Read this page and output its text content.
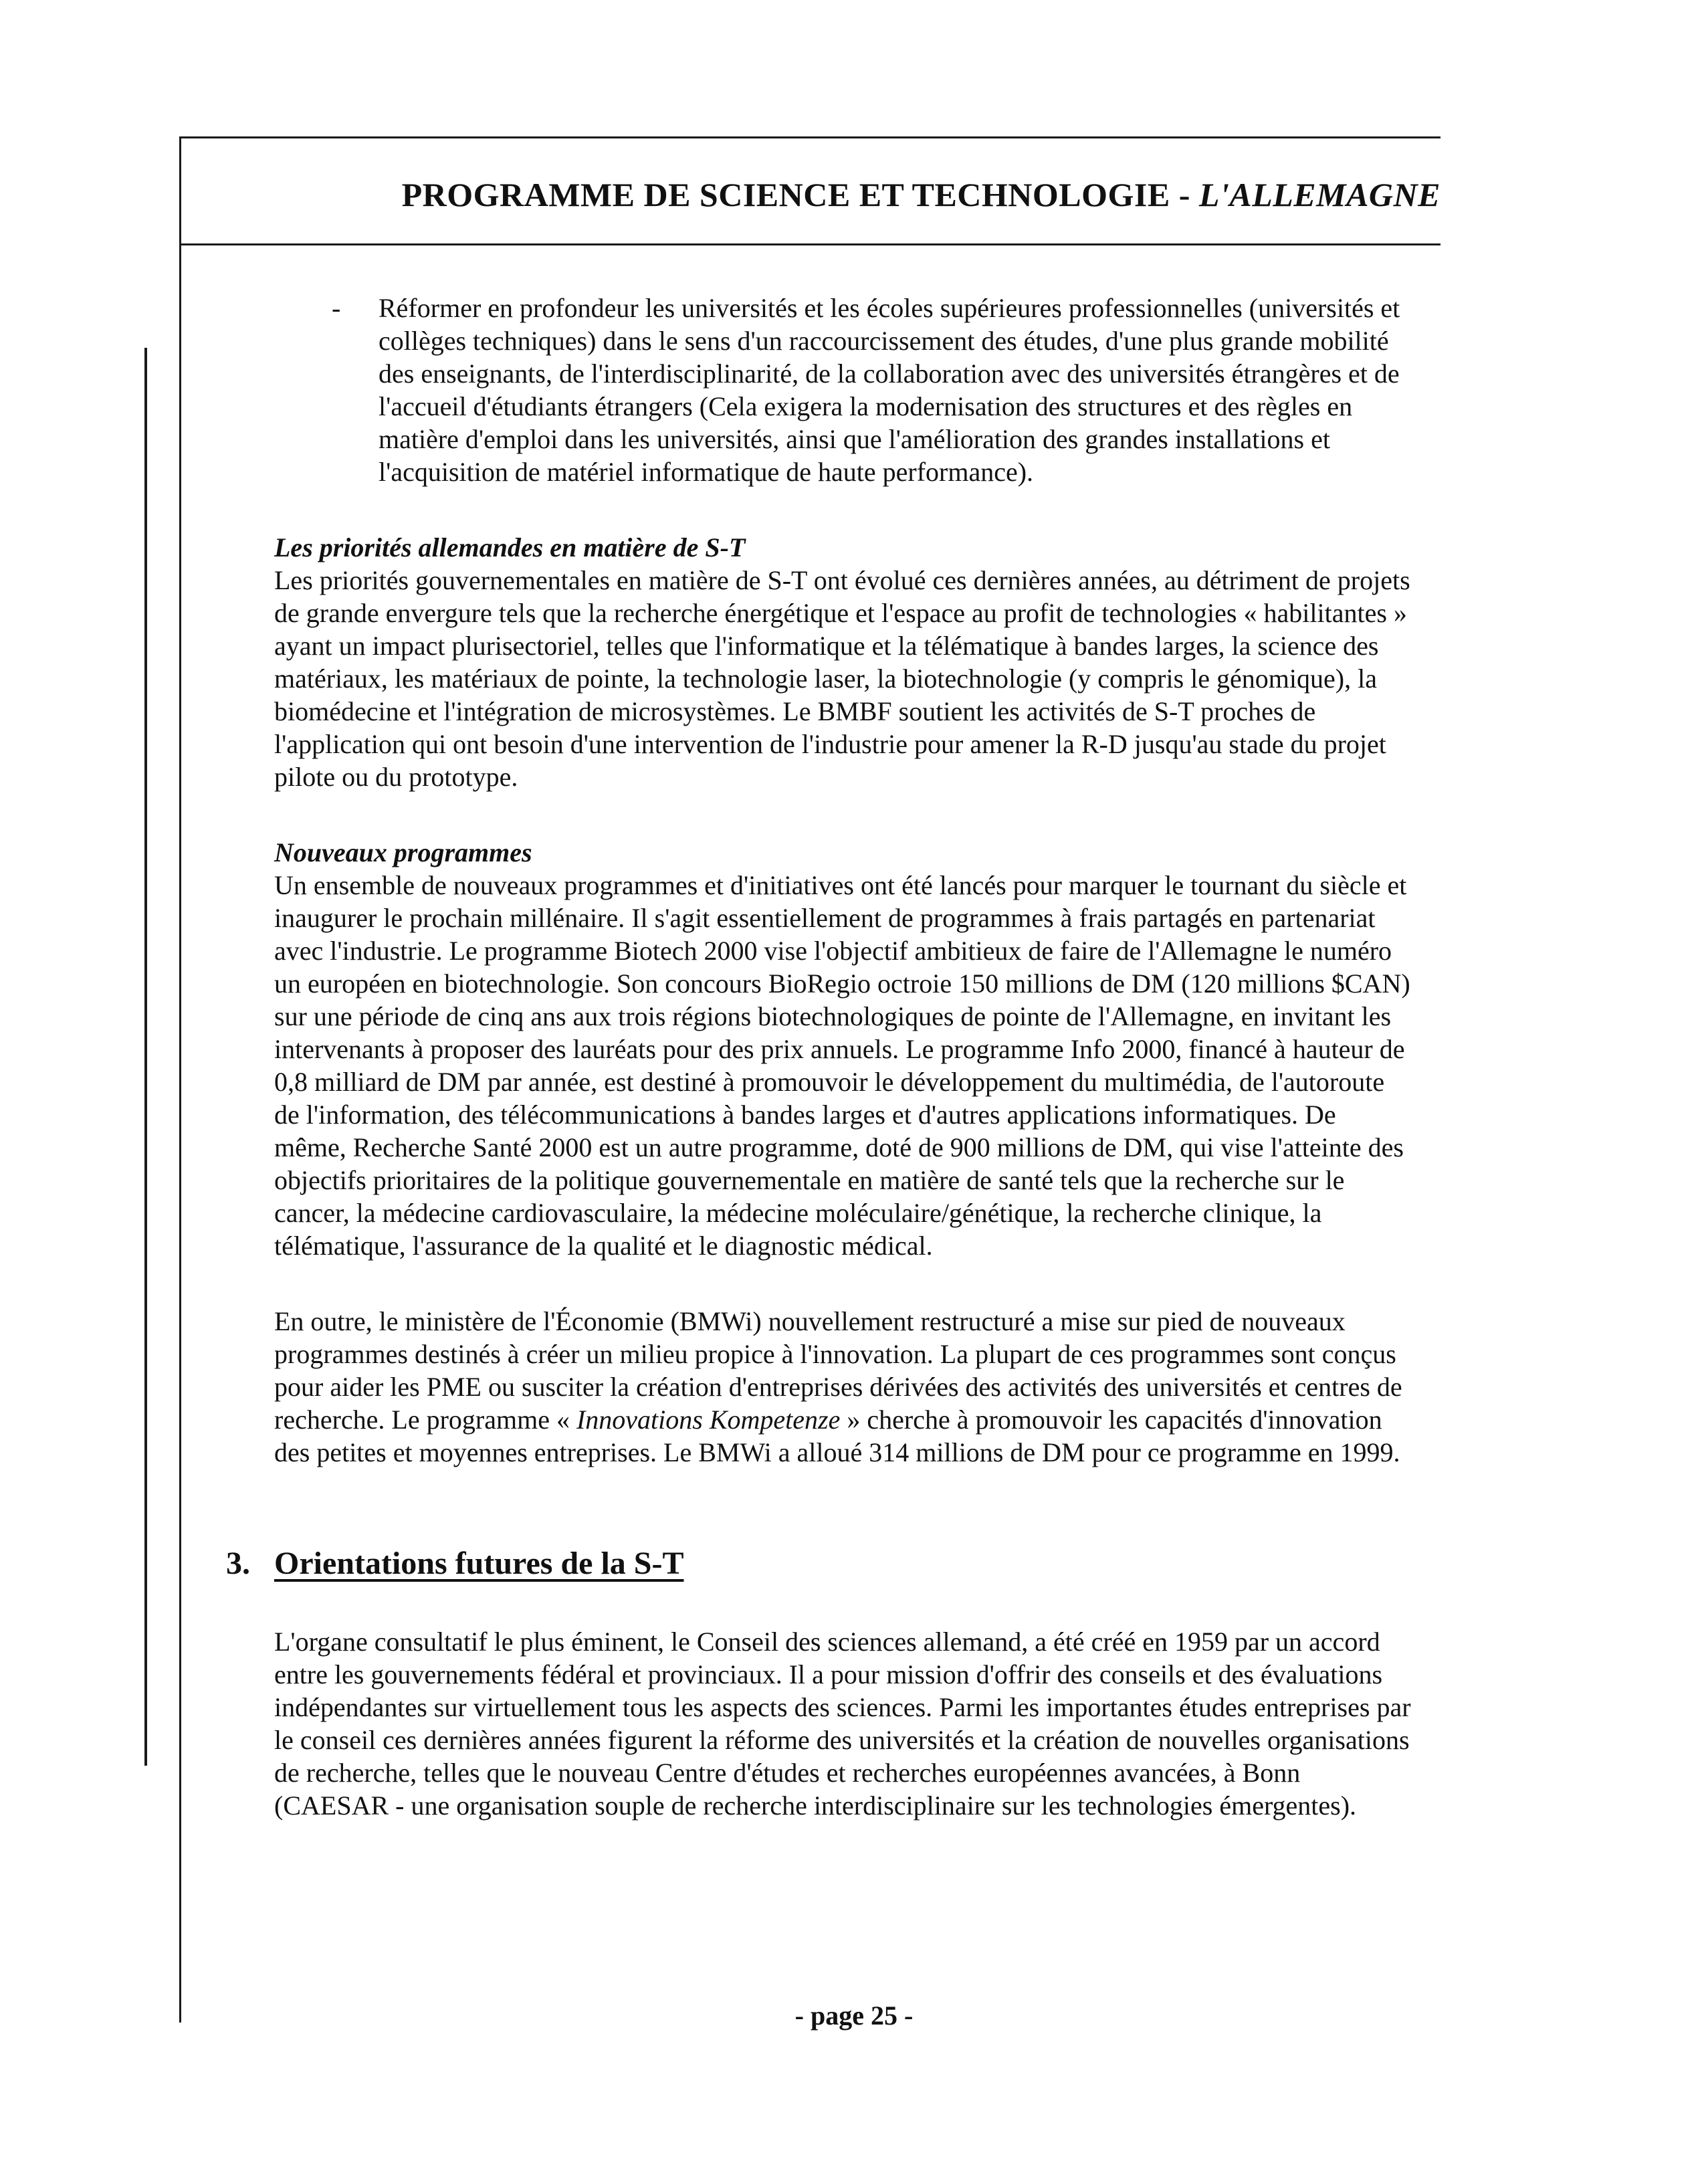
PROGRAMME DE SCIENCE ET TECHNOLOGIE - L'ALLEMAGNE
- Réformer en profondeur les universités et les écoles supérieures professionnelles (universités et collèges techniques) dans le sens d'un raccourcissement des études, d'une plus grande mobilité des enseignants, de l'interdisciplinarité, de la collaboration avec des universités étrangères et de l'accueil d'étudiants étrangers (Cela exigera la modernisation des structures et des règles en matière d'emploi dans les universités, ainsi que l'amélioration des grandes installations et l'acquisition de matériel informatique de haute performance).

Les priorités allemandes en matière de S-T

Les priorités gouvernementales en matière de S-T ont évolué ces dernières années, au détriment de projets de grande envergure tels que la recherche énergétique et l'espace au profit de technologies « habilitantes » ayant un impact plurisectoriel, telles que l'informatique et la télématique à bandes larges, la science des matériaux, les matériaux de pointe, la technologie laser, la biotechnologie (y compris le génomique), la biomédecine et l'intégration de microsystèmes. Le BMBF soutient les activités de S-T proches de l'application qui ont besoin d'une intervention de l'industrie pour amener la R-D jusqu'au stade du projet pilote ou du prototype.

Nouveaux programmes

Un ensemble de nouveaux programmes et d'initiatives ont été lancés pour marquer le tournant du siècle et inaugurer le prochain millénaire. Il s'agit essentiellement de programmes à frais partagés en partenariat avec l'industrie. Le programme Biotech 2000 vise l'objectif ambitieux de faire de l'Allemagne le numéro un européen en biotechnologie. Son concours BioRegio octroie 150 millions de DM (120 millions $CAN) sur une période de cinq ans aux trois régions biotechnologiques de pointe de l'Allemagne, en invitant les intervenants à proposer des lauréats pour des prix annuels. Le programme Info 2000, financé à hauteur de 0,8 milliard de DM par année, est destiné à promouvoir le développement du multimédia, de l'autoroute de l'information, des télécommunications à bandes larges et d'autres applications informatiques. De même, Recherche Santé 2000 est un autre programme, doté de 900 millions de DM, qui vise l'atteinte des objectifs prioritaires de la politique gouvernementale en matière de santé tels que la recherche sur le cancer, la médecine cardiovasculaire, la médecine moléculaire/génétique, la recherche clinique, la télématique, l'assurance de la qualité et le diagnostic médical.

En outre, le ministère de l'Économie (BMWi) nouvellement restructuré a mise sur pied de nouveaux programmes destinés à créer un milieu propice à l'innovation. La plupart de ces programmes sont conçus pour aider les PME ou susciter la création d'entreprises dérivées des activités des universités et centres de recherche. Le programme « Innovations Kompetenze » cherche à promouvoir les capacités d'innovation des petites et moyennes entreprises. Le BMWi a alloué 314 millions de DM pour ce programme en 1999.

3. Orientations futures de la S-T

L'organe consultatif le plus éminent, le Conseil des sciences allemand, a été créé en 1959 par un accord entre les gouvernements fédéral et provinciaux. Il a pour mission d'offrir des conseils et des évaluations indépendantes sur virtuellement tous les aspects des sciences. Parmi les importantes études entreprises par le conseil ces dernières années figurent la réforme des universités et la création de nouvelles organisations de recherche, telles que le nouveau Centre d'études et recherches européennes avancées, à Bonn (CAESAR - une organisation souple de recherche interdisciplinaire sur les technologies émergentes).

- page 25 -
